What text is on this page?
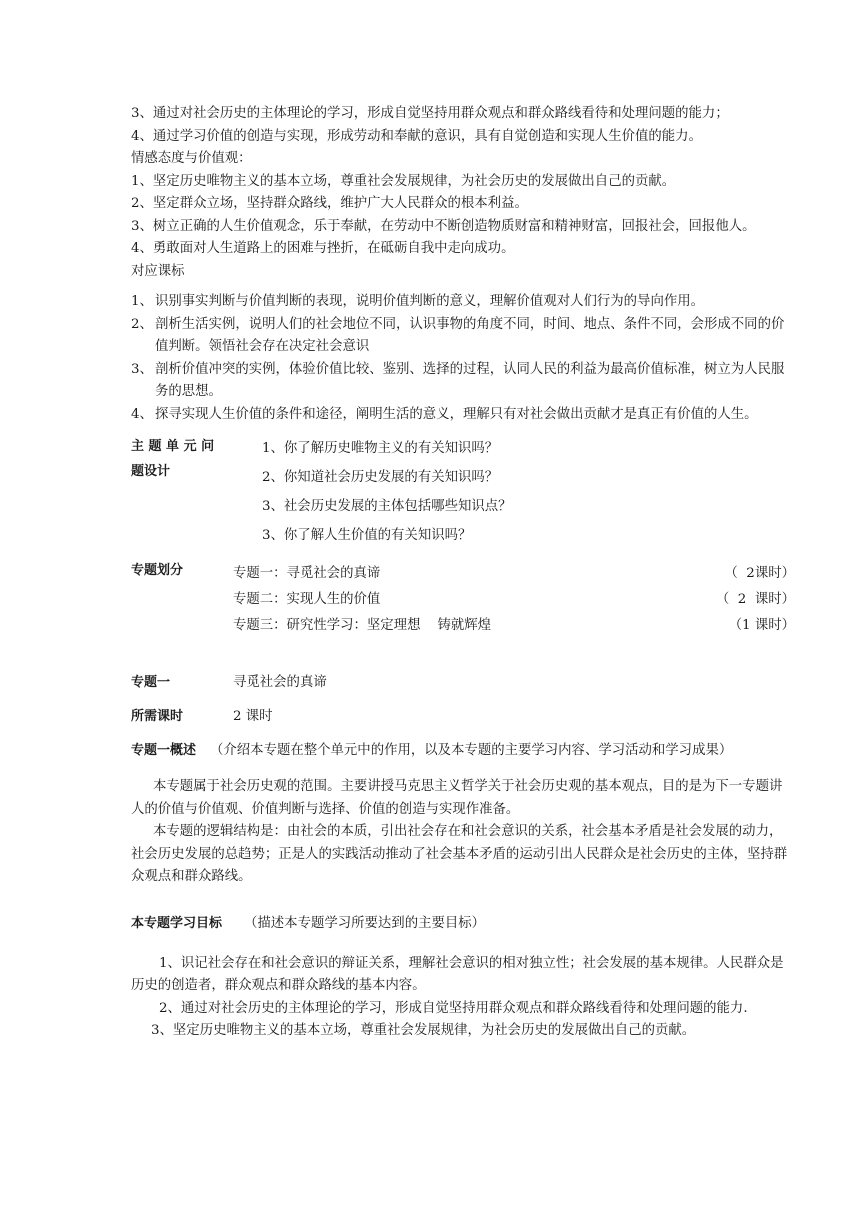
3、通过对社会历史的主体理论的学习，形成自觉坚持用群众观点和群众路线看待和处理问题的能力；
4、通过学习价值的创造与实现，形成劳动和奉献的意识，具有自觉创造和实现人生价值的能力。
情感态度与价值观：
1、坚定历史唯物主义的基本立场，尊重社会发展规律，为社会历史的发展做出自己的贡献。
2、坚定群众立场，坚持群众路线，维护广大人民群众的根本利益。
3、树立正确的人生价值观念，乐于奉献，在劳动中不断创造物质财富和精神财富，回报社会，回报他人。
4、勇敢面对人生道路上的困难与挫折，在砥砺自我中走向成功。
对应课标
1、 识别事实判断与价值判断的表现，说明价值判断的意义，理解价值观对人们行为的导向作用。
2、 剖析生活实例，说明人们的社会地位不同，认识事物的角度不同，时间、地点、条件不同，会形成不同的价值判断。领悟社会存在决定社会意识
3、 剖析价值冲突的实例，体验价值比较、鉴别、选择的过程，认同人民的利益为最高价值标准，树立为人民服务的思想。
4、 探寻实现人生价值的条件和途径，阐明生活的意义，理解只有对社会做出贡献才是真正有价值的人生。
主 题 单 元 问
题设计
1、你了解历史唯物主义的有关知识吗？
2、你知道社会历史发展的有关知识吗？
3、社会历史发展的主体包括哪些知识点？
3、你了解人生价值的有关知识吗？
专题划分	专题一：寻觅社会的真谛	（  2课时）
专题二：实现人生的价值	（  2  课时）
专题三：研究性学习：坚定理想    铸就辉煌	（1 课时）
专题一	寻觅社会的真谛
所需课时	2 课时
专题一概述 （介绍本专题在整个单元中的作用，以及本专题的主要学习内容、学习活动和学习成果）
本专题属于社会历史观的范围。主要讲授马克思主义哲学关于社会历史观的基本观点，目的是为下一专题讲人的价值与价值观、价值判断与选择、价值的创造与实现作准备。
本专题的逻辑结构是：由社会的本质，引出社会存在和社会意识的关系，社会基本矛盾是社会发展的动力，社会历史发展的总趋势；正是人的实践活动推动了社会基本矛盾的运动引出人民群众是社会历史的主体，坚持群众观点和群众路线。
本专题学习目标 （描述本专题学习所要达到的主要目标）
1、识记社会存在和社会意识的辩证关系，理解社会意识的相对独立性；社会发展的基本规律。人民群众是历史的创造者，群众观点和群众路线的基本内容。
2、通过对社会历史的主体理论的学习，形成自觉坚持用群众观点和群众路线看待和处理问题的能力.
3、坚定历史唯物主义的基本立场，尊重社会发展规律，为社会历史的发展做出自己的贡献。
